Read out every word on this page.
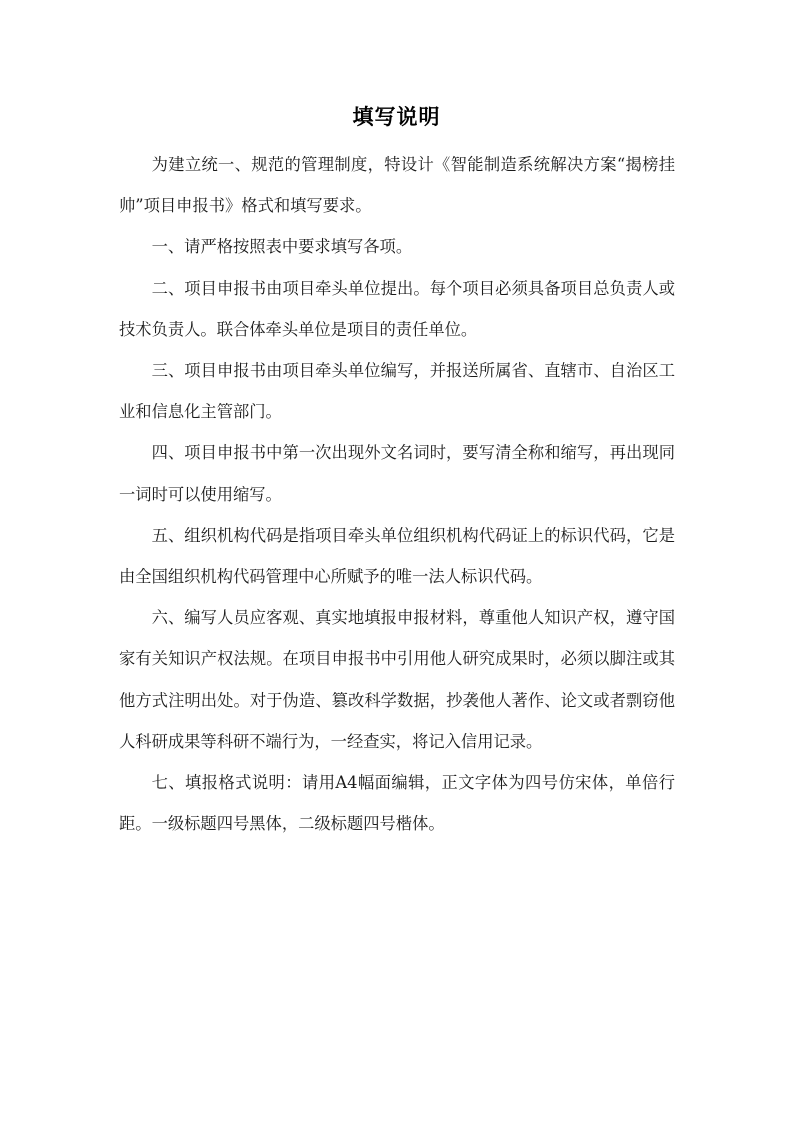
填写说明

为建立统一、规范的管理制度，特设计《智能制造系统解决方案“揭榜挂帅”项目申报书》格式和填写要求。

一、请严格按照表中要求填写各项。

二、项目申报书由项目牵头单位提出。每个项目必须具备项目总负责人或技术负责人。联合体牵头单位是项目的责任单位。

三、项目申报书由项目牵头单位编写，并报送所属省、直辖市、自治区工业和信息化主管部门。

四、项目申报书中第一次出现外文名词时，要写清全称和缩写，再出现同一词时可以使用缩写。

五、组织机构代码是指项目牵头单位组织机构代码证上的标识代码，它是由全国组织机构代码管理中心所赋予的唯一法人标识代码。

六、编写人员应客观、真实地填报申报材料，尊重他人知识产权，遵守国家有关知识产权法规。在项目申报书中引用他人研究成果时，必须以脚注或其他方式注明出处。对于伪造、篡改科学数据，抄袭他人著作、论文或者剽窃他人科研成果等科研不端行为，一经查实，将记入信用记录。

七、填报格式说明：请用A4幅面编辑，正文字体为四号仿宋体，单倍行距。一级标题四号黑体，二级标题四号楷体。
